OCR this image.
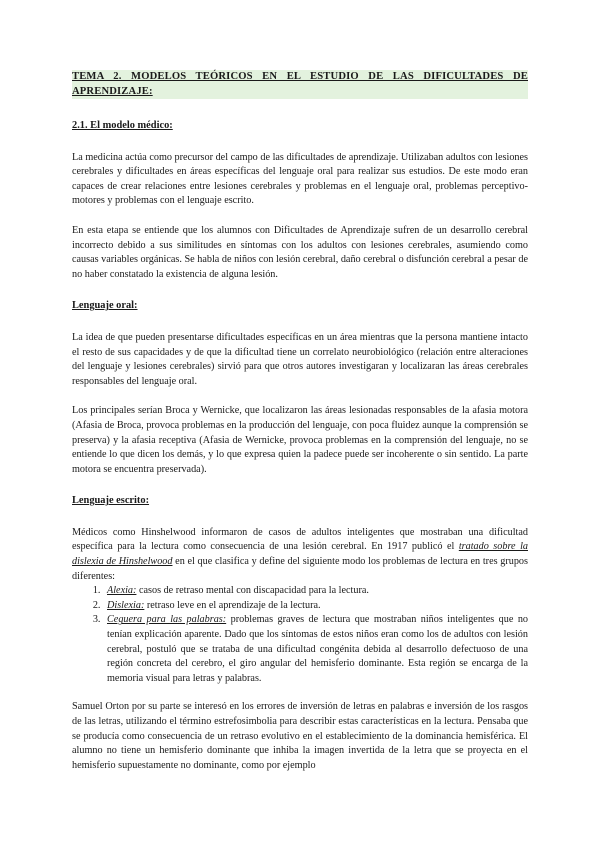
TEMA 2. MODELOS TEÓRICOS EN EL ESTUDIO DE LAS DIFICULTADES DE APRENDIZAJE:
2.1. El modelo médico:

La medicina actúa como precursor del campo de las dificultades de aprendizaje. Utilizaban adultos con lesiones cerebrales y dificultades en áreas específicas del lenguaje oral para realizar sus estudios. De este modo eran capaces de crear relaciones entre lesiones cerebrales y problemas en el lenguaje oral, problemas perceptivo-motores y problemas con el lenguaje escrito.

En esta etapa se entiende que los alumnos con Dificultades de Aprendizaje sufren de un desarrollo cerebral incorrecto debido a sus similitudes en síntomas con los adultos con lesiones cerebrales, asumiendo como causas variables orgánicas. Se habla de niños con lesión cerebral, daño cerebral o disfunción cerebral a pesar de no haber constatado la existencia de alguna lesión.

Lenguaje oral:

La idea de que pueden presentarse dificultades específicas en un área mientras que la persona mantiene intacto el resto de sus capacidades y de que la dificultad tiene un correlato neurobiológico (relación entre alteraciones del lenguaje y lesiones cerebrales) sirvió para que otros autores investigaran y localizaran las áreas cerebrales responsables del lenguaje oral.

Los principales serían Broca y Wernicke, que localizaron las áreas lesionadas responsables de la afasia motora (Afasia de Broca, provoca problemas en la producción del lenguaje, con poca fluidez aunque la comprensión se preserva) y la afasia receptiva (Afasia de Wernicke, provoca problemas en la comprensión del lenguaje, no se entiende lo que dicen los demás, y lo que expresa quien la padece puede ser incoherente o sin sentido. La parte motora se encuentra preservada).

Lenguaje escrito:

Médicos como Hinshelwood informaron de casos de adultos inteligentes que mostraban una dificultad específica para la lectura como consecuencia de una lesión cerebral. En 1917 publicó el tratado sobre la dislexia de Hinshelwood en el que clasifica y define del siguiente modo los problemas de lectura en tres grupos diferentes:

1. Alexia: casos de retraso mental con discapacidad para la lectura.
2. Dislexia: retraso leve en el aprendizaje de la lectura.
3. Ceguera para las palabras: problemas graves de lectura que mostraban niños inteligentes que no tenían explicación aparente. Dado que los síntomas de estos niños eran como los de adultos con lesión cerebral, postuló que se trataba de una dificultad congénita debida al desarrollo defectuoso de una región concreta del cerebro, el giro angular del hemisferio dominante. Esta región se encarga de la memoria visual para letras y palabras.

Samuel Orton por su parte se interesó en los errores de inversión de letras en palabras e inversión de los rasgos de las letras, utilizando el término estrefosimbolia para describir estas características en la lectura. Pensaba que se producía como consecuencia de un retraso evolutivo en el establecimiento de la dominancia hemisférica. El alumno no tiene un hemisferio dominante que inhiba la imagen invertida de la letra que se proyecta en el hemisferio supuestamente no dominante, como por ejemplo
